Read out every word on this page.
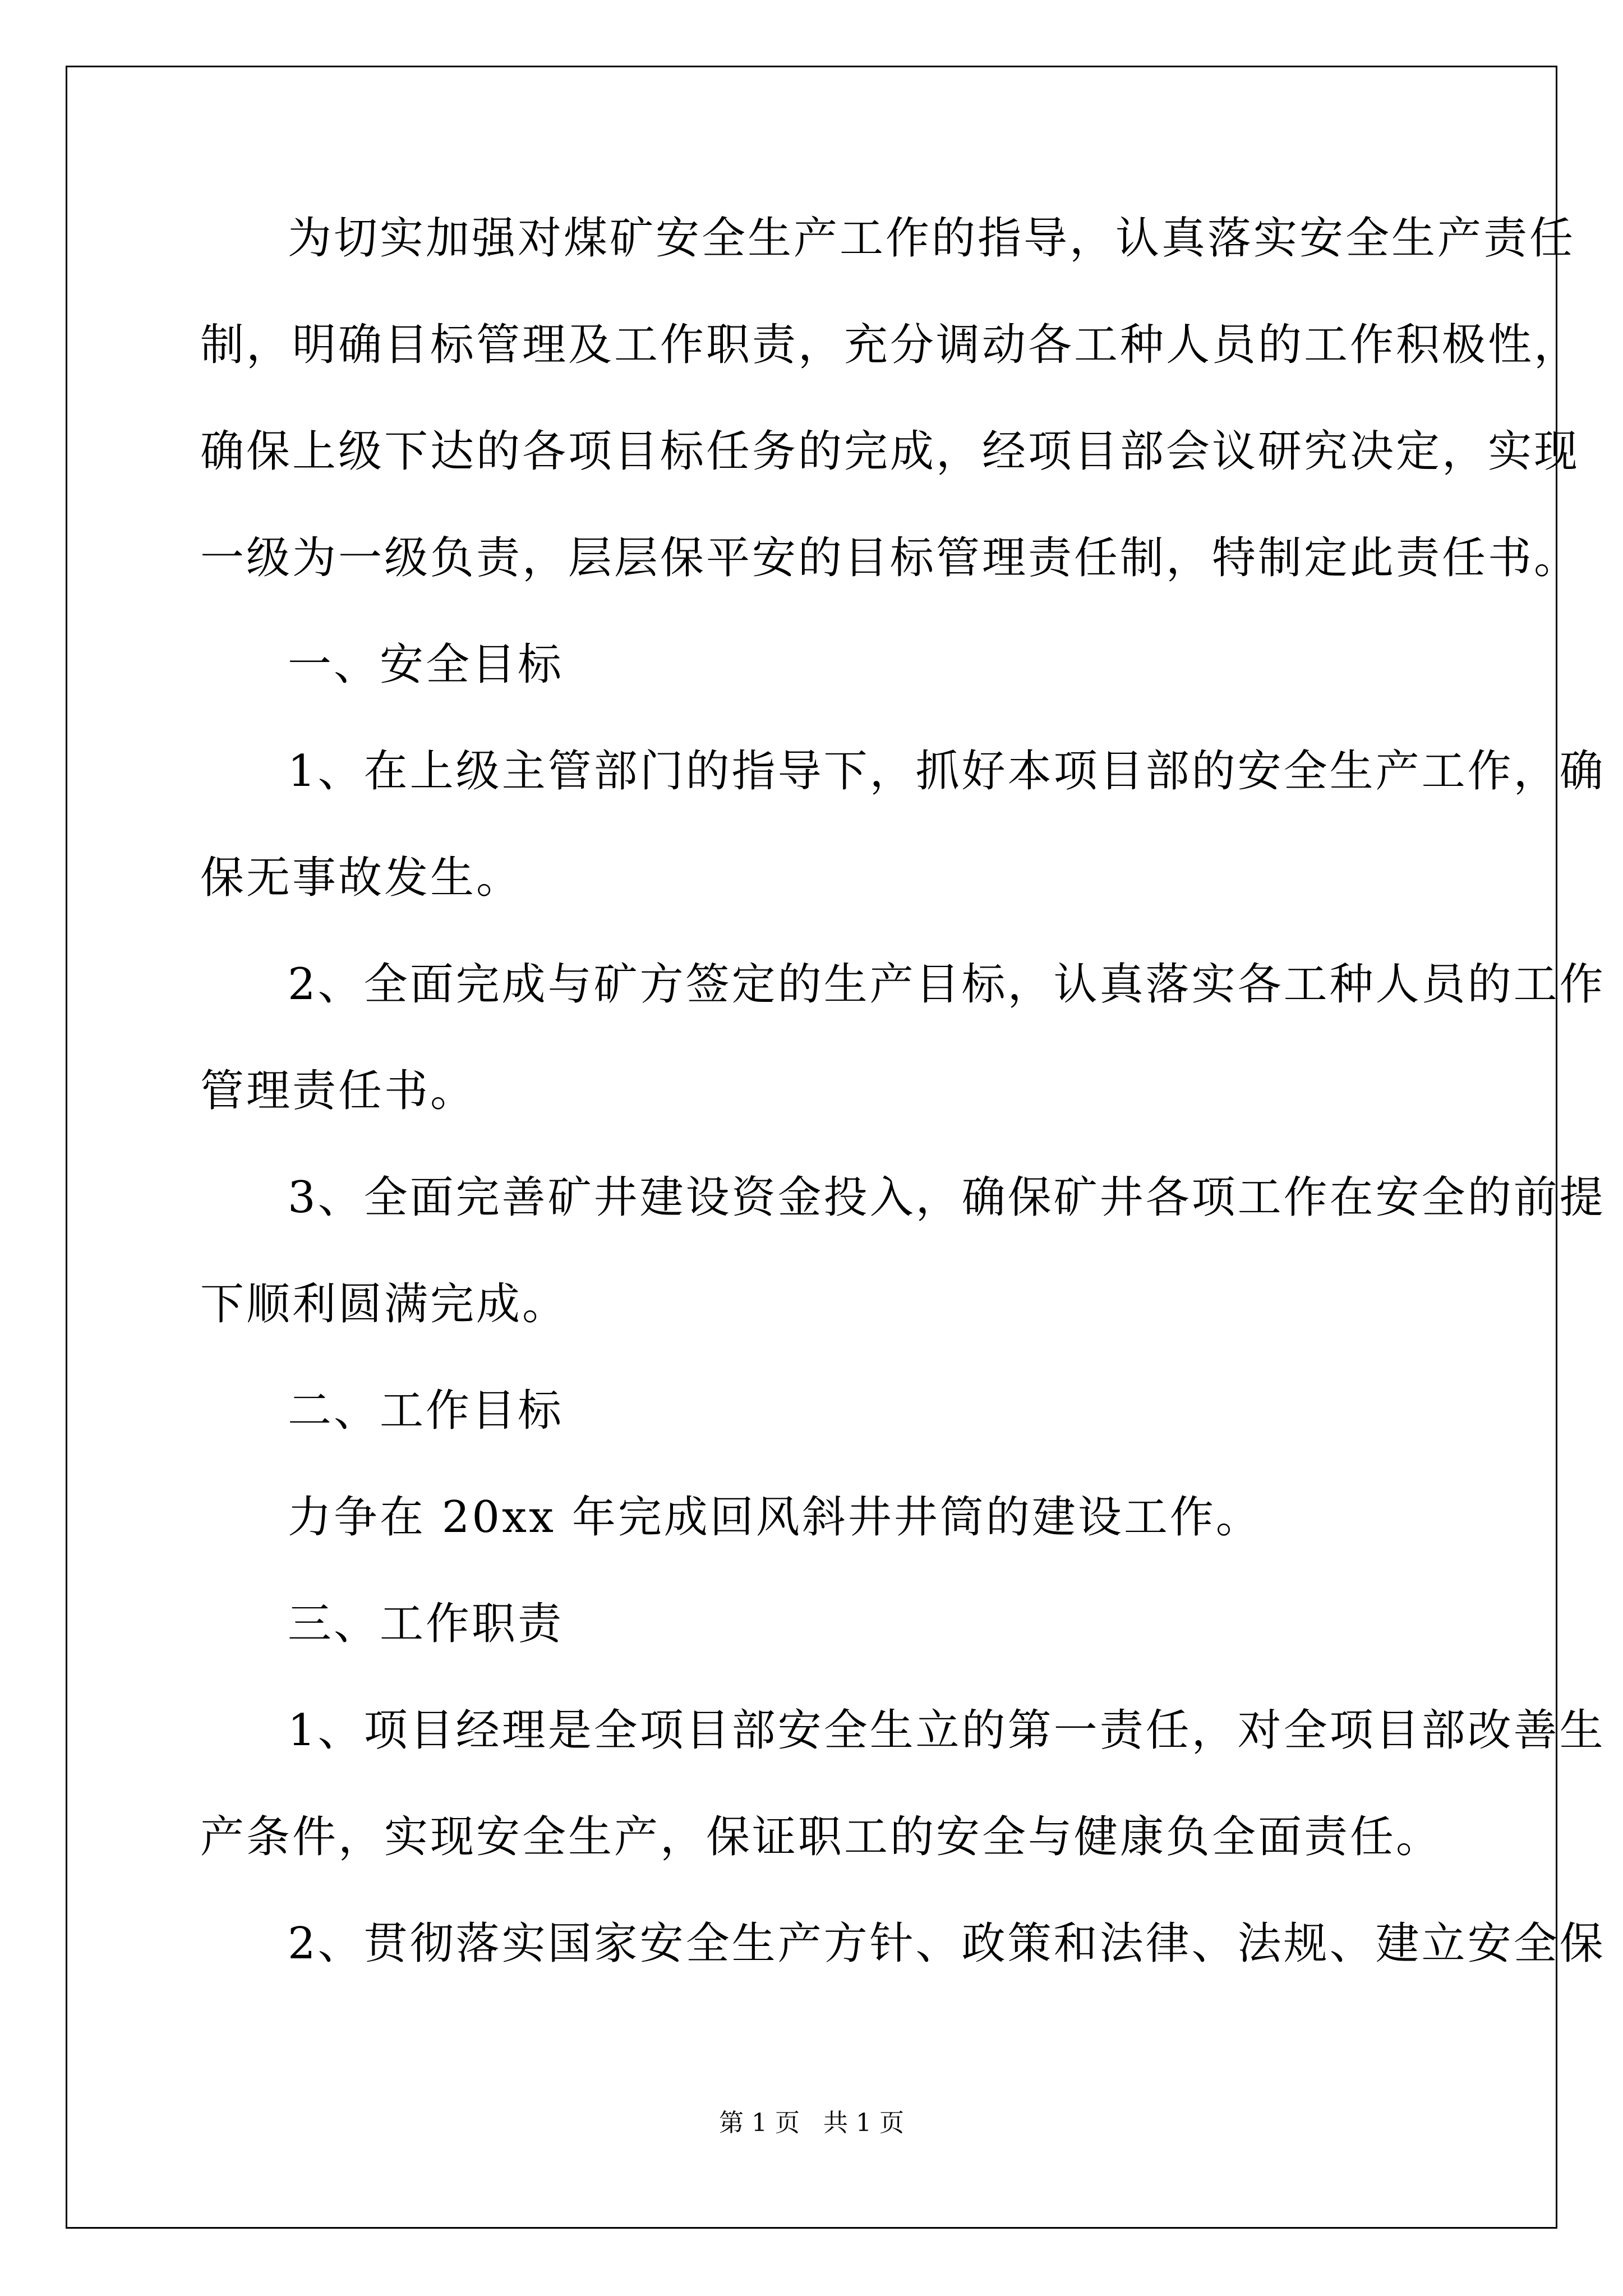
为切实加强对煤矿安全生产工作的指导，认真落实安全生产责任
制，明确目标管理及工作职责，充分调动各工种人员的工作积极性，
确保上级下达的各项目标任务的完成，经项目部会议研究决定，实现
一级为一级负责，层层保平安的目标管理责任制，特制定此责任书。
一、安全目标
1、在上级主管部门的指导下，抓好本项目部的安全生产工作，确
保无事故发生。
2、全面完成与矿方签定的生产目标，认真落实各工种人员的工作
管理责任书。
3、全面完善矿井建设资金投入，确保矿井各项工作在安全的前提
下顺利圆满完成。
二、工作目标
力争在 20xx 年完成回风斜井井筒的建设工作。
三、工作职责
1、项目经理是全项目部安全生立的第一责任，对全项目部改善生
产条件，实现安全生产，保证职工的安全与健康负全面责任。
2、贯彻落实国家安全生产方针、政策和法律、法规、建立安全保
第 1 页   共 1 页
